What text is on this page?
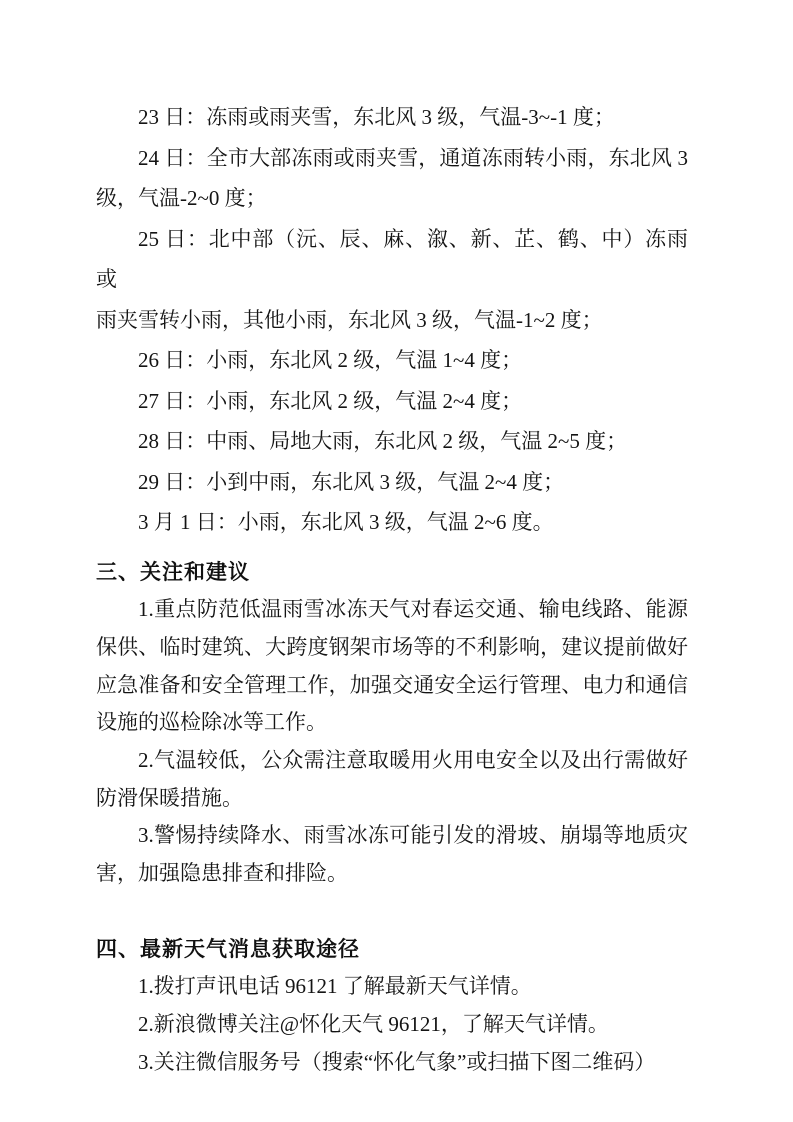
23 日：冻雨或雨夹雪，东北风 3 级，气温-3~-1 度；

24 日：全市大部冻雨或雨夹雪，通道冻雨转小雨，东北风 3

级，气温-2~0 度；

25 日：北中部（沅、辰、麻、溆、新、芷、鹤、中）冻雨或

雨夹雪转小雨，其他小雨，东北风 3 级，气温-1~2 度；

26 日：小雨，东北风 2 级，气温 1~4 度；

27 日：小雨，东北风 2 级，气温 2~4 度；

28 日：中雨、局地大雨，东北风 2 级，气温 2~5 度；

29 日：小到中雨，东北风 3 级，气温 2~4 度；

3 月 1 日：小雨，东北风 3 级，气温 2~6 度。

三、关注和建议

1.重点防范低温雨雪冰冻天气对春运交通、输电线路、能源

保供、临时建筑、大跨度钢架市场等的不利影响，建议提前做好

应急准备和安全管理工作，加强交通安全运行管理、电力和通信

设施的巡检除冰等工作。

2.气温较低，公众需注意取暖用火用电安全以及出行需做好

防滑保暖措施。

3.警惕持续降水、雨雪冰冻可能引发的滑坡、崩塌等地质灾

害，加强隐患排查和排险。

四、最新天气消息获取途径

1.拨打声讯电话 96121 了解最新天气详情。

2.新浪微博关注@怀化天气 96121，了解天气详情。

3.关注微信服务号（搜索“怀化气象”或扫描下图二维码）
